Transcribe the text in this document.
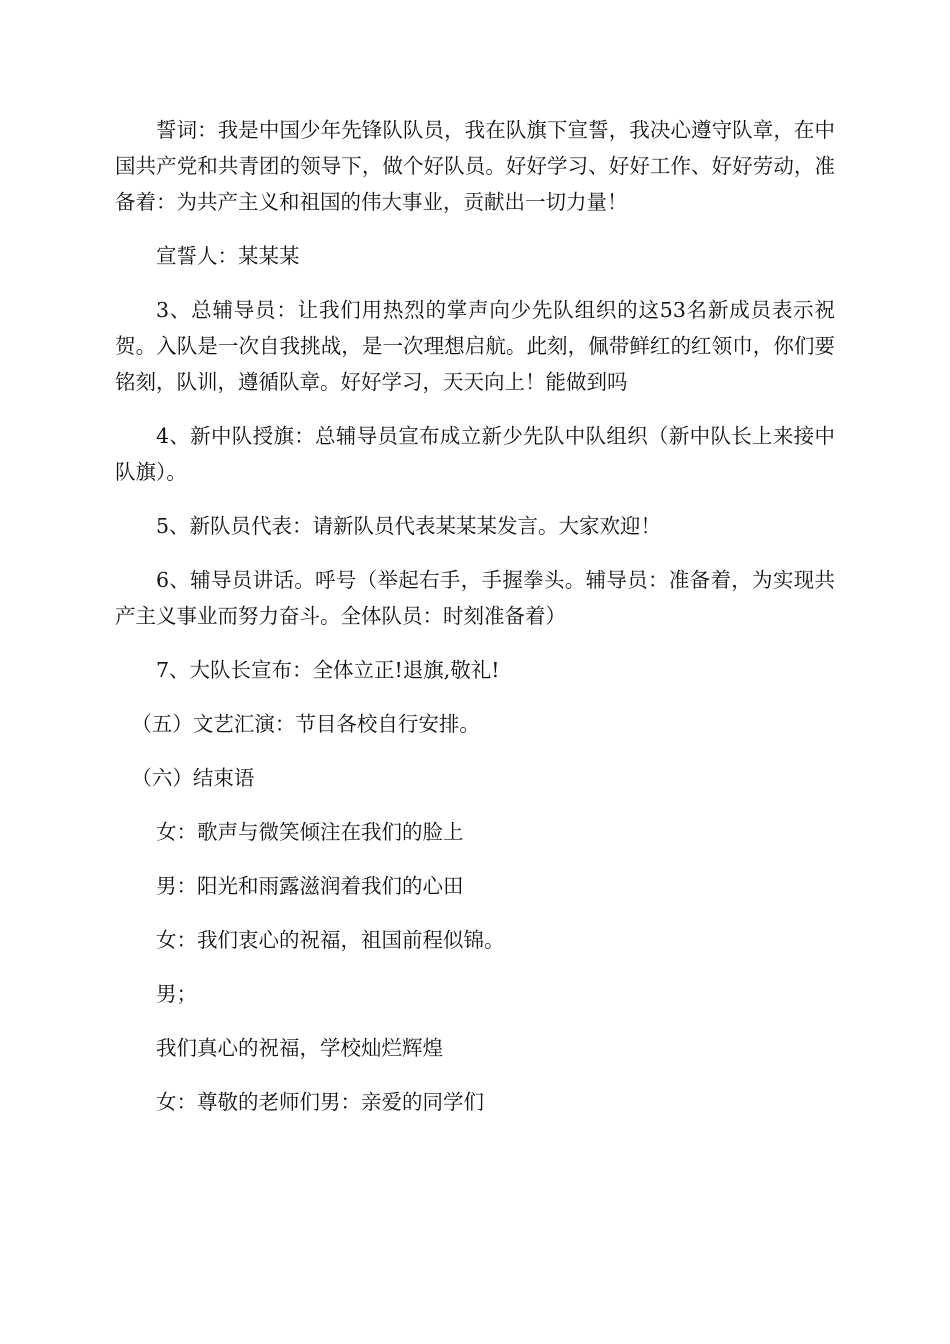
誓词：我是中国少年先锋队队员，我在队旗下宣誓，我决心遵守队章，在中国共产党和共青团的领导下，做个好队员。好好学习、好好工作、好好劳动，准备着：为共产主义和祖国的伟大事业，贡献出一切力量！

宣誓人：某某某

3、总辅导员：让我们用热烈的掌声向少先队组织的这53名新成员表示祝贺。入队是一次自我挑战，是一次理想启航。此刻，佩带鲜红的红领巾，你们要铭刻，队训，遵循队章。好好学习，天天向上！能做到吗

4、新中队授旗：总辅导员宣布成立新少先队中队组织（新中队长上来接中队旗）。

5、新队员代表：请新队员代表某某某发言。大家欢迎！

6、辅导员讲话。呼号（举起右手，手握拳头。辅导员：准备着，为实现共产主义事业而努力奋斗。全体队员：时刻准备着）

7、大队长宣布：全体立正!退旗,敬礼!

（五）文艺汇演：节目各校自行安排。

（六）结束语

女：歌声与微笑倾注在我们的脸上

男：阳光和雨露滋润着我们的心田

女：我们衷心的祝福，祖国前程似锦。

男；

我们真心的祝福，学校灿烂辉煌

女：尊敬的老师们男：亲爱的同学们
